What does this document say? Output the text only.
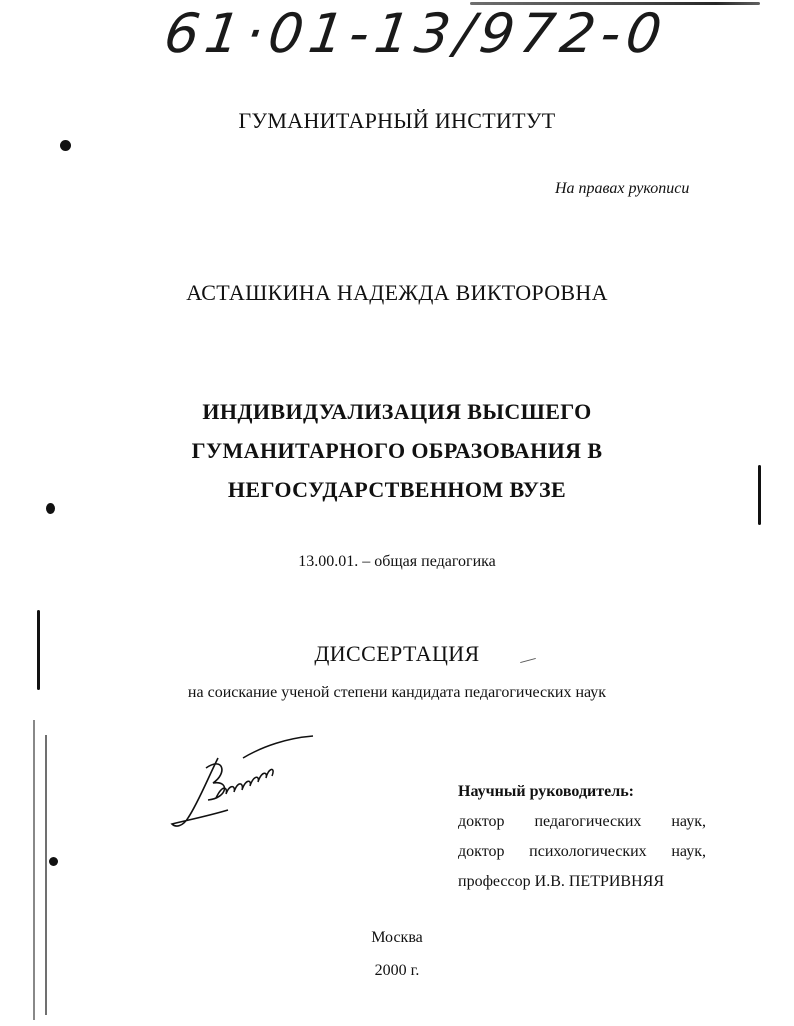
61·01-13/972-0
ГУМАНИТАРНЫЙ ИНСТИТУТ
На правах рукописи
АСТАШКИНА НАДЕЖДА ВИКТОРОВНА
ИНДИВИДУАЛИЗАЦИЯ ВЫСШЕГО
ГУМАНИТАРНОГО ОБРАЗОВАНИЯ В
НЕГОСУДАРСТВЕННОМ ВУЗЕ
13.00.01. – общая педагогика
ДИССЕРТАЦИЯ
на соискание ученой степени кандидата педагогических наук
Научный руководитель:
доктор педагогических наук,
доктор психологических наук,
профессор И.В. ПЕТРИВНЯЯ
Москва
2000 г.
